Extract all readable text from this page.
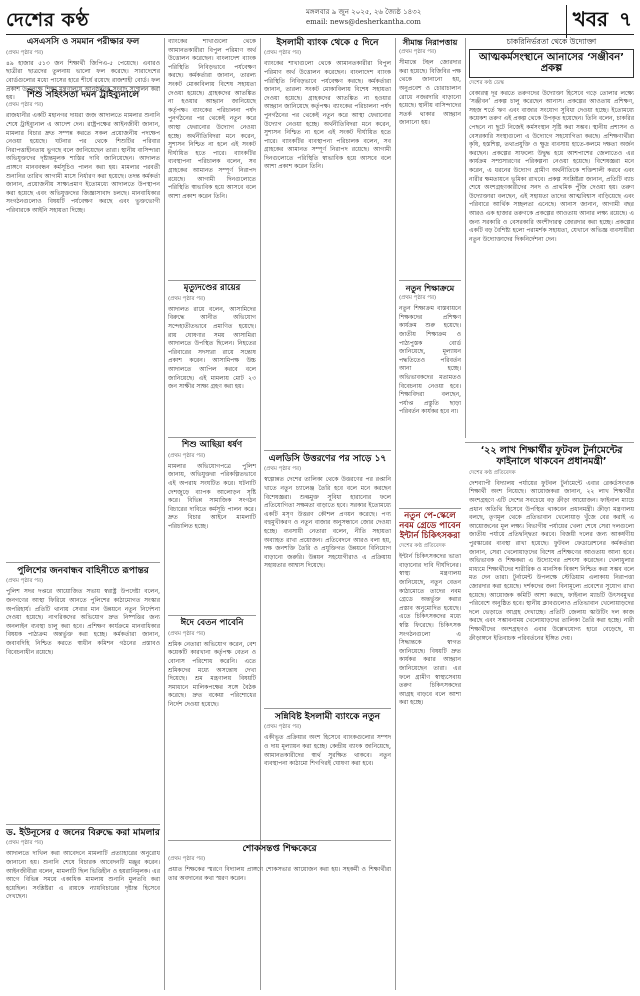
দেশের কণ্ঠ	মঙ্গলবার ৯ জুন ২০২৫, ২৬ জ্যৈষ্ঠ ১৪৩২
email: news@desherkantha.com	খবর ৭
এসএসসি ও সমমান পরীক্ষার ফল
(প্রথম পৃষ্ঠার পর)
৪৯ হাজার ৫১৩ জন শিক্ষার্থী জিপিএ-৫ পেয়েছে। এবারও ছাত্রীরা ছাত্রদের তুলনায় ভালো ফল করেছে। সারাদেশের বোর্ডগুলোর মধ্যে পাসের হারে শীর্ষে রয়েছে রাজশাহী বোর্ড। ফল প্রকাশ উপলক্ষে শিক্ষা মন্ত্রণালয়ে আনুষ্ঠানিক সংবাদ সম্মেলন করা হয়।	শিশু সহিংসতা দমন ট্রাইব্যুনালে
(প্রথম পৃষ্ঠার পর)
রাজধানীর একটি মহানগর দায়রা জজ আদালতে মামলার শুনানি শেষে ট্রাইব্যুনাল এ আদেশ দেন। রাষ্ট্রপক্ষের আইনজীবী জানান, মামলার বিচার দ্রুত সম্পন্ন করতে সকল প্রয়োজনীয় পদক্ষেপ নেওয়া হয়েছে। ঘটনার পর থেকে শিশুটির পরিবার নিরাপত্তাহীনতায় ভুগছে বলে জানিয়েছেন তারা। স্থানীয় বাসিন্দারা অভিযুক্তদের দৃষ্টান্তমূলক শাস্তির দাবি জানিয়েছেন। আদালত প্রাঙ্গণে মানববন্ধন কর্মসূচিও পালন করা হয়। মামলার পরবর্তী শুনানির তারিখ আগামী মাসে নির্ধারণ করা হয়েছে। তদন্ত কর্মকর্তা জানান, প্রয়োজনীয় সাক্ষ্যপ্রমাণ ইতোমধ্যে আদালতে উপস্থাপন করা হয়েছে এবং অভিযুক্তদের জিজ্ঞাসাবাদ চলছে। মানবাধিকার সংগঠনগুলোও বিষয়টি পর্যবেক্ষণ করছে এবং ভুক্তভোগী পরিবারকে আইনি সহায়তা দিচ্ছে।
পুলিশের জনবান্ধব বাহিনীতে রূপান্তর
(প্রথম পৃষ্ঠার পর)
পুলিশ সদর দপ্তরে আয়োজিত সভায় স্বরাষ্ট্র উপদেষ্টা বলেন, জনগণের আস্থা ফিরিয়ে আনতে পুলিশের কাঠামোগত সংস্কার অপরিহার্য। প্রতিটি থানায় সেবার মান উন্নয়নে নতুন নির্দেশনা দেওয়া হয়েছে। নাগরিকদের অভিযোগ দ্রুত নিষ্পত্তির জন্য অনলাইন ব্যবস্থা চালু করা হবে। প্রশিক্ষণ কার্যক্রমে মানবাধিকার বিষয়ক পাঠ্যক্রম অন্তর্ভুক্ত করা হচ্ছে। কর্মকর্তারা জানান, জবাবদিহি নিশ্চিত করতে স্বাধীন কমিশন গঠনের প্রস্তাবও বিবেচনাধীন রয়েছে।
ড. ইউনূসের ৫ জনের বিরুদ্ধে করা মামলার
(প্রথম পৃষ্ঠার পর)
আদালতে দাখিল করা আবেদনে মামলাটি প্রত্যাহারের অনুরোধ জানানো হয়। শুনানি শেষে বিচারক আবেদনটি মঞ্জুর করেন। আইনজীবীরা বলেন, মামলাটি ছিল ভিত্তিহীন ও হয়রানিমূলক। এর আগে বিভিন্ন সময়ে একাধিক মামলায় শুনানি মুলতবি করা হয়েছিল। সংশ্লিষ্টরা এ রায়কে ন্যায়বিচারের দৃষ্টান্ত হিসেবে দেখছেন।
ব্যাংকের শাখাগুলো থেকে আমানতকারীরা বিপুল পরিমাণ অর্থ উত্তোলন করেছেন। বাংলাদেশ ব্যাংক পরিস্থিতি নিবিড়ভাবে পর্যবেক্ষণ করছে। কর্মকর্তারা জানান, তারল্য সংকট মোকাবিলায় বিশেষ সহায়তা দেওয়া হয়েছে। গ্রাহকদের আতঙ্কিত না হওয়ার আহ্বান জানিয়েছে কর্তৃপক্ষ। ব্যাংকের পরিচালনা পর্ষদ পুনর্গঠনের পর থেকেই নতুন করে আস্থা ফেরানোর উদ্যোগ নেওয়া হচ্ছে। অর্থনীতিবিদরা মনে করেন, সুশাসন নিশ্চিত না হলে এই সংকট দীর্ঘায়িত হতে পারে। ব্যাংকটির ব্যবস্থাপনা পরিচালক বলেন, সব গ্রাহকের আমানত সম্পূর্ণ নিরাপদ রয়েছে। আগামী দিনগুলোতে পরিস্থিতি স্বাভাবিক হয়ে আসবে বলে আশা প্রকাশ করেন তিনি।
মৃত্যুদণ্ডের রায়ের
(প্রথম পৃষ্ঠার পর)
আদালত রায়ে বলেন, আসামিদের বিরুদ্ধে আনীত অভিযোগ সন্দেহাতীতভাবে প্রমাণিত হয়েছে। রায় ঘোষণার সময় আসামিরা আদালতে উপস্থিত ছিলেন। নিহতের পরিবারের সদস্যরা রায়ে সন্তোষ প্রকাশ করেন। আসামিপক্ষ উচ্চ আদালতে আপিল করবে বলে জানিয়েছে। এই মামলায় মোট ২৩ জন সাক্ষীর সাক্ষ্য গ্রহণ করা হয়।
শিশু আছিয়া ধর্ষণ
(প্রথম পৃষ্ঠার পর)
মামলার অভিযোগপত্রে পুলিশ জানায়, অভিযুক্তরা পরিকল্পিতভাবে এই অপরাধ সংঘটিত করে। ঘটনাটি দেশজুড়ে ব্যাপক আলোড়ন সৃষ্টি করে। বিভিন্ন সামাজিক সংগঠন বিচারের দাবিতে কর্মসূচি পালন করে। দ্রুত বিচার আইনে মামলাটি পরিচালিত হচ্ছে।
ঈদে বেতন পাবেনি
(প্রথম পৃষ্ঠার পর)
শ্রমিক নেতারা অভিযোগ করেন, বেশ কয়েকটি কারখানা কর্তৃপক্ষ বেতন ও বোনাস পরিশোধ করেনি। এতে শ্রমিকদের মধ্যে অসন্তোষ দেখা দিয়েছে। শ্রম মন্ত্রণালয় বিষয়টি সমাধানে মালিকপক্ষের সঙ্গে বৈঠক করেছে। দ্রুত বকেয়া পরিশোধের নির্দেশ দেওয়া হয়েছে।
ইসলামী ব্যাংক থেকে ৫ দিনে
(প্রথম পৃষ্ঠার পর)
ব্যাংকের শাখাগুলো থেকে আমানতকারীরা বিপুল পরিমাণ অর্থ উত্তোলন করেছেন। বাংলাদেশ ব্যাংক পরিস্থিতি নিবিড়ভাবে পর্যবেক্ষণ করছে। কর্মকর্তারা জানান, তারল্য সংকট মোকাবিলায় বিশেষ সহায়তা দেওয়া হয়েছে। গ্রাহকদের আতঙ্কিত না হওয়ার আহ্বান জানিয়েছে কর্তৃপক্ষ। ব্যাংকের পরিচালনা পর্ষদ পুনর্গঠনের পর থেকেই নতুন করে আস্থা ফেরানোর উদ্যোগ নেওয়া হচ্ছে। অর্থনীতিবিদরা মনে করেন, সুশাসন নিশ্চিত না হলে এই সংকট দীর্ঘায়িত হতে পারে। ব্যাংকটির ব্যবস্থাপনা পরিচালক বলেন, সব গ্রাহকের আমানত সম্পূর্ণ নিরাপদ রয়েছে। আগামী দিনগুলোতে পরিস্থিতি স্বাভাবিক হয়ে আসবে বলে আশা প্রকাশ করেন তিনি।
এলডিসি উত্তরণের পর সাড়ে ১৭
(প্রথম পৃষ্ঠার পর)
স্বল্পোন্নত দেশের তালিকা থেকে উত্তরণের পর রপ্তানি খাতে নতুন চ্যালেঞ্জ তৈরি হবে বলে মনে করছেন বিশেষজ্ঞরা। শুল্কমুক্ত সুবিধা হারানোর ফলে প্রতিযোগিতা সক্ষমতা বাড়াতে হবে। সরকার ইতোমধ্যে একটি মসৃণ উত্তরণ কৌশল প্রণয়ন করেছে। পণ্য বহুমুখীকরণ ও নতুন বাজার অনুসন্ধানে জোর দেওয়া হচ্ছে। ব্যবসায়ী নেতারা বলেন, নীতি সহায়তা অব্যাহত রাখা প্রয়োজন। প্রতিবেদনে আরও বলা হয়, দক্ষ জনশক্তি তৈরি ও প্রযুক্তিগত উন্নয়নে বিনিয়োগ বাড়ানো জরুরি। উন্নয়ন সহযোগীরাও এ প্রক্রিয়ায় সহায়তার আশ্বাস দিয়েছে।
সন্নিবিষ্ট ইসলামী ব্যাংকে নতুন
(প্রথম পৃষ্ঠার পর)
একীভূত প্রক্রিয়ার অংশ হিসেবে ব্যাংকগুলোর সম্পদ ও দায় মূল্যায়ন করা হচ্ছে। কেন্দ্রীয় ব্যাংক জানিয়েছে, আমানতকারীদের স্বার্থ সুরক্ষিত থাকবে। নতুন ব্যবস্থাপনা কাঠামো শিগগিরই ঘোষণা করা হবে।
শোকসন্তপ্ত শিক্ষকেরে
(প্রথম পৃষ্ঠার পর)
প্রয়াত শিক্ষকের স্মরণে বিদ্যালয় প্রাঙ্গণে শোকসভার আয়োজন করা হয়। সহকর্মী ও শিক্ষার্থীরা তার অবদানের কথা স্মরণ করেন।
সীমান্ত নিরাপত্তায়
(প্রথম পৃষ্ঠার পর)
সীমান্তে টহল জোরদার করা হয়েছে। বিজিবির পক্ষ থেকে জানানো হয়, অনুপ্রবেশ ও চোরাচালান রোধে নজরদারি বাড়ানো হয়েছে। স্থানীয় বাসিন্দাদের সতর্ক থাকার আহ্বান জানানো হয়।
নতুন শিক্ষাক্রমে
(প্রথম পৃষ্ঠার পর)
নতুন শিক্ষাক্রম বাস্তবায়নে শিক্ষকদের প্রশিক্ষণ কার্যক্রম শুরু হয়েছে। জাতীয় শিক্ষাক্রম ও পাঠ্যপুস্তক বোর্ড জানিয়েছে, মূল্যায়ন পদ্ধতিতেও পরিবর্তন আনা হচ্ছে। অভিভাবকদের মতামতও বিবেচনায় নেওয়া হবে। শিক্ষাবিদরা বলছেন, পর্যাপ্ত প্রস্তুতি ছাড়া পরিবর্তন কার্যকর হবে না।
নতুন পে-স্কেলে নবম গ্রেডে পাবেন ইন্টার্ন চিকিৎসকরা
দেশের কণ্ঠ প্রতিবেদক
ইন্টার্ন চিকিৎসকদের ভাতা বাড়ানোর দাবি দীর্ঘদিনের। স্বাস্থ্য মন্ত্রণালয় জানিয়েছে, নতুন বেতন কাঠামোতে তাদের নবম গ্রেডে অন্তর্ভুক্ত করার প্রস্তাব অনুমোদিত হয়েছে। এতে চিকিৎসকদের মধ্যে স্বস্তি ফিরেছে। চিকিৎসক সংগঠনগুলো এ সিদ্ধান্তকে স্বাগত জানিয়েছে। বিষয়টি দ্রুত কার্যকর করার আহ্বান জানিয়েছেন তারা। এর ফলে গ্রামীণ স্বাস্থ্যসেবায় তরুণ চিকিৎসকদের আগ্রহ বাড়বে বলে আশা করা হচ্ছে।
চাকরিনির্ভরতা থেকে উদ্যোক্তা
আত্মকর্মসংস্থানে আনাসের ‘সঞ্জীবন’ প্রকল্প
দেশের কণ্ঠ ডেস্ক
বেকারত্ব দূর করতে তরুণদের উদ্যোক্তা হিসেবে গড়ে তোলার লক্ষ্যে ‘সঞ্জীবন’ প্রকল্প চালু করেছেন আনাস। প্রকল্পের আওতায় প্রশিক্ষণ, সহজ শর্তে ঋণ এবং বাজার সংযোগ সুবিধা দেওয়া হচ্ছে। ইতোমধ্যে কয়েকশ তরুণ এই প্রকল্প থেকে উপকৃত হয়েছেন। তিনি বলেন, চাকরির পেছনে না ছুটে নিজেই কর্মসংস্থান সৃষ্টি করা সম্ভব। স্থানীয় প্রশাসন ও বেসরকারি সংস্থাগুলো এ উদ্যোগে সহযোগিতা করছে। প্রশিক্ষণার্থীরা কৃষি, হস্তশিল্প, তথ্যপ্রযুক্তি ও ক্ষুদ্র ব্যবসায় হাতে-কলমে দক্ষতা অর্জন করছেন। প্রকল্পের সাফল্যে উদ্বুদ্ধ হয়ে আশপাশের জেলাতেও এর কার্যক্রম সম্প্রসারণের পরিকল্পনা নেওয়া হয়েছে। বিশেষজ্ঞরা মনে করেন, এ ধরনের উদ্যোগ গ্রামীণ অর্থনীতিকে শক্তিশালী করবে এবং নারীর ক্ষমতায়নে ভূমিকা রাখবে। প্রকল্প সংশ্লিষ্টরা জানান, প্রতিটি ব্যাচ শেষে অংশগ্রহণকারীদের সনদ ও প্রাথমিক পুঁজি দেওয়া হয়। তরুণ উদ্যোক্তারা বলছেন, এই সহায়তা তাদের আত্মবিশ্বাস বাড়িয়েছে এবং পরিবারে আর্থিক সচ্ছলতা এনেছে। আনাস জানান, আগামী বছর আরও এক হাজার তরুণকে প্রকল্পের আওতায় আনার লক্ষ্য রয়েছে। এ জন্য সরকারি ও বেসরকারি অংশীদারত্ব জোরদার করা হচ্ছে। প্রকল্পের একটি বড় বৈশিষ্ট্য হলো পরামর্শক সহায়তা, যেখানে অভিজ্ঞ ব্যবসায়ীরা নতুন উদ্যোক্তাদের দিকনির্দেশনা দেন।
‘২২ লাখ শিক্ষার্থীর ফুটবল টুর্নামেন্টের ফাইনালে থাকবেন প্রধানমন্ত্রী’
দেশের কণ্ঠ প্রতিবেদক
দেশব্যাপী বিদ্যালয় পর্যায়ের ফুটবল টুর্নামেন্টে এবার রেকর্ডসংখ্যক শিক্ষার্থী অংশ নিয়েছে। আয়োজকরা জানান, ২২ লাখ শিক্ষার্থীর অংশগ্রহণে এটি দেশের সবচেয়ে বড় ক্রীড়া আয়োজন। ফাইনাল ম্যাচে প্রধান অতিথি হিসেবে উপস্থিত থাকবেন প্রধানমন্ত্রী। ক্রীড়া মন্ত্রণালয় বলছে, তৃণমূল থেকে প্রতিভাবান খেলোয়াড় খুঁজে বের করাই এ আয়োজনের মূল লক্ষ্য। বিভাগীয় পর্যায়ের খেলা শেষে সেরা দলগুলো জাতীয় পর্যায়ে প্রতিদ্বন্দ্বিতা করবে। বিজয়ী দলের জন্য আকর্ষণীয় পুরস্কারের ব্যবস্থা রাখা হয়েছে। ফুটবল ফেডারেশনের কর্মকর্তারা জানান, সেরা খেলোয়াড়দের বিশেষ প্রশিক্ষণের আওতায় আনা হবে। অভিভাবক ও শিক্ষকরা এ উদ্যোগের প্রশংসা করেছেন। খেলাধুলার মাধ্যমে শিক্ষার্থীদের শারীরিক ও মানসিক বিকাশ নিশ্চিত করা সম্ভব বলে মত দেন তারা। টুর্নামেন্ট উপলক্ষে স্টেডিয়াম এলাকায় নিরাপত্তা জোরদার করা হয়েছে। দর্শকদের জন্য বিনামূল্যে প্রবেশের সুযোগ রাখা হয়েছে। আয়োজক কমিটি আশা করছে, ফাইনাল ম্যাচটি উৎসবমুখর পরিবেশে অনুষ্ঠিত হবে। স্থানীয় ক্লাবগুলোও প্রতিভাবান খেলোয়াড়দের দলে ভেড়াতে আগ্রহ দেখাচ্ছে। প্রতিটি জেলায় স্কাউটিং দল কাজ করছে এবং সম্ভাবনাময় খেলোয়াড়দের তালিকা তৈরি করা হচ্ছে। নারী শিক্ষার্থীদের অংশগ্রহণও এবার উল্লেখযোগ্য হারে বেড়েছে, যা ক্রীড়াঙ্গনে ইতিবাচক পরিবর্তনের ইঙ্গিত দেয়।
